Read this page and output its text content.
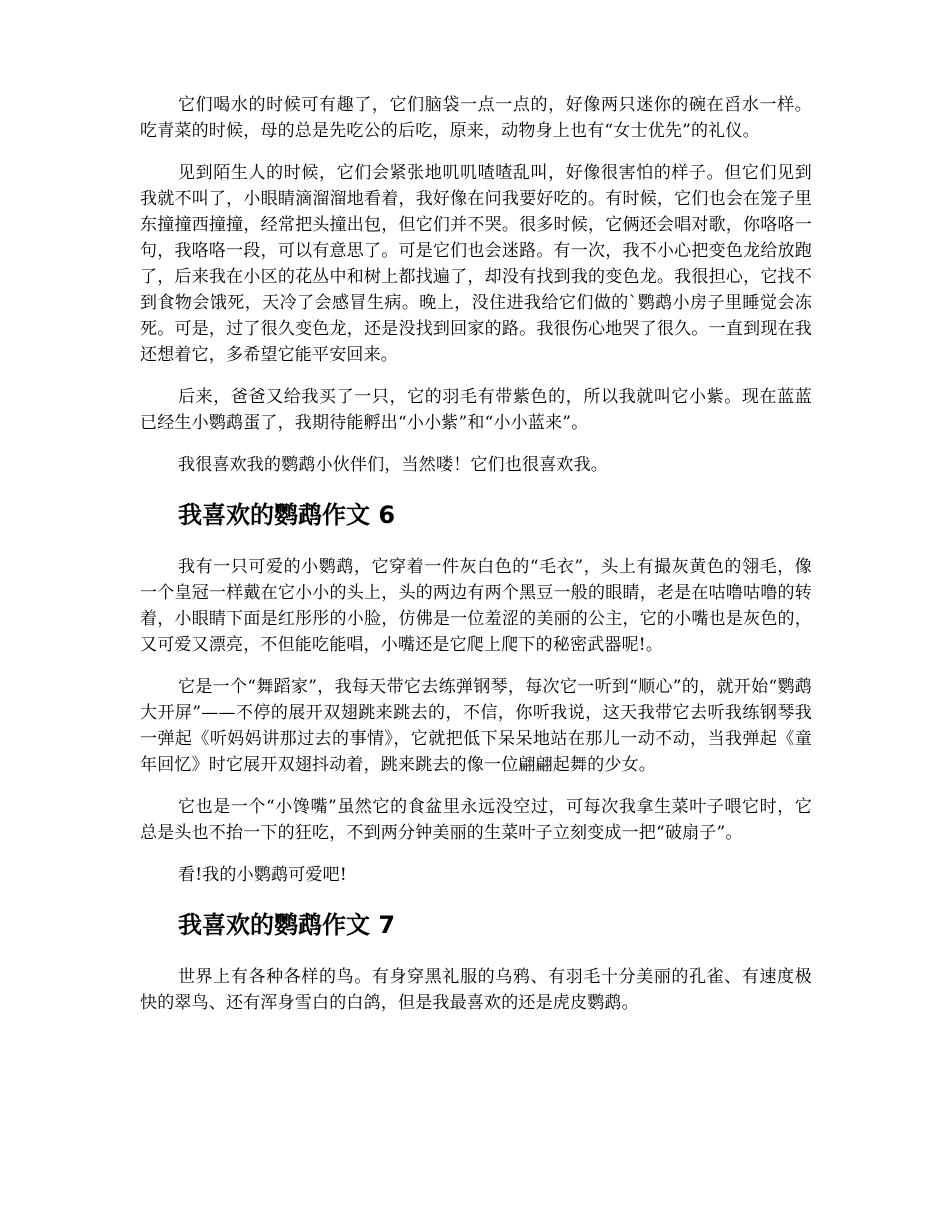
它们喝水的时候可有趣了，它们脑袋一点一点的，好像两只迷你的碗在舀水一样。吃青菜的时候，母的总是先吃公的后吃，原来，动物身上也有“女士优先”的礼仪。

见到陌生人的时候，它们会紧张地叽叽喳喳乱叫，好像很害怕的样子。但它们见到我就不叫了，小眼睛滴溜溜地看着，我好像在问我要好吃的。有时候，它们也会在笼子里东撞撞西撞撞，经常把头撞出包，但它们并不哭。很多时候，它俩还会唱对歌，你咯咯一句，我咯咯一段，可以有意思了。可是它们也会迷路。有一次，我不小心把变色龙给放跑了，后来我在小区的花丛中和树上都找遍了，却没有找到我的变色龙。我很担心，它找不到食物会饿死，天冷了会感冒生病。晚上，没住进我给它们做的`鹦鹉小房子里睡觉会冻死。可是，过了很久变色龙，还是没找到回家的路。我很伤心地哭了很久。一直到现在我还想着它，多希望它能平安回来。

后来，爸爸又给我买了一只，它的羽毛有带紫色的，所以我就叫它小紫。现在蓝蓝已经生小鹦鹉蛋了，我期待能孵出“小小紫”和“小小蓝来”。

我很喜欢我的鹦鹉小伙伴们，当然喽！它们也很喜欢我。

我喜欢的鹦鹉作文 6

我有一只可爱的小鹦鹉，它穿着一件灰白色的“毛衣”，头上有撮灰黄色的翎毛，像一个皇冠一样戴在它小小的头上，头的两边有两个黑豆一般的眼睛，老是在咕噜咕噜的转着，小眼睛下面是红彤彤的小脸，仿佛是一位羞涩的美丽的公主，它的小嘴也是灰色的，又可爱又漂亮，不但能吃能唱，小嘴还是它爬上爬下的秘密武器呢!。

它是一个“舞蹈家”，我每天带它去练弹钢琴，每次它一听到“顺心”的，就开始“鹦鹉大开屏”——不停的展开双翅跳来跳去的，不信，你听我说，这天我带它去听我练钢琴我一弹起《听妈妈讲那过去的事情》，它就把低下呆呆地站在那儿一动不动，当我弹起《童年回忆》时它展开双翅抖动着，跳来跳去的像一位翩翩起舞的少女。

它也是一个“小馋嘴”虽然它的食盆里永远没空过，可每次我拿生菜叶子喂它时，它总是头也不抬一下的狂吃，不到两分钟美丽的生菜叶子立刻变成一把“破扇子”。

看!我的小鹦鹉可爱吧!

我喜欢的鹦鹉作文 7

世界上有各种各样的鸟。有身穿黑礼服的乌鸦、有羽毛十分美丽的孔雀、有速度极快的翠鸟、还有浑身雪白的白鸽，但是我最喜欢的还是虎皮鹦鹉。
